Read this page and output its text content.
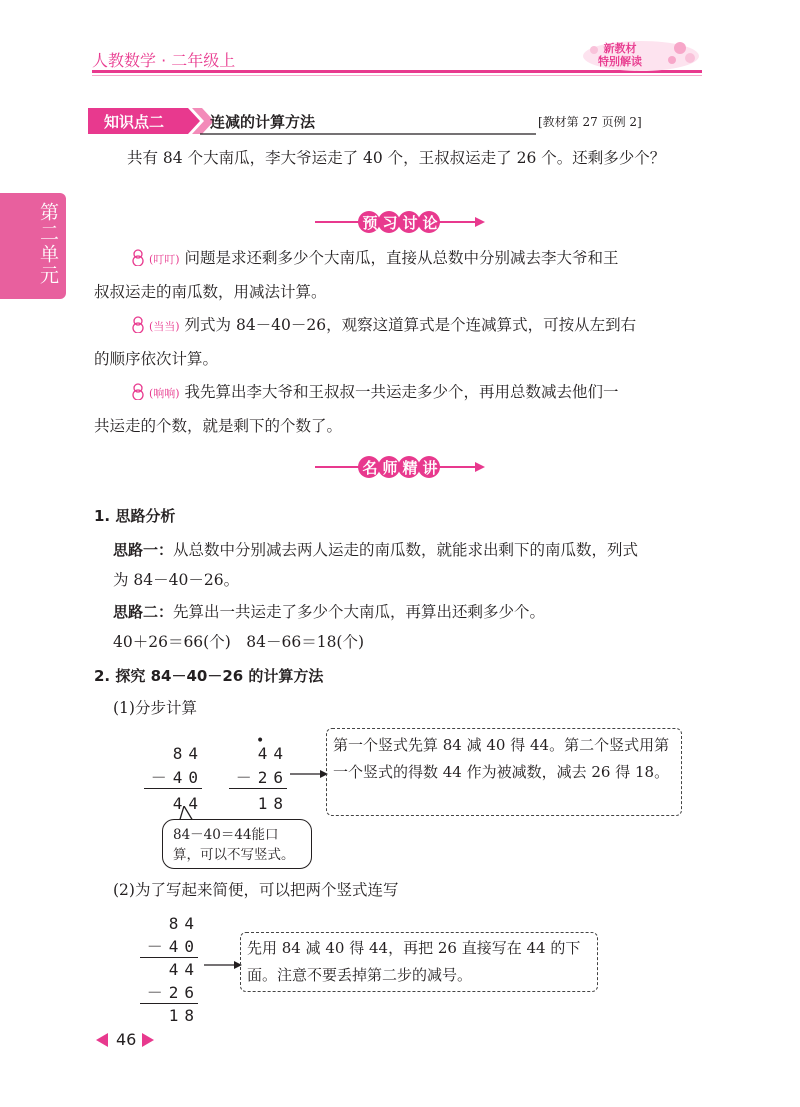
人教数学 · 二年级上
新教材
特别解读
第二单元
知识点二	连减的计算方法	[教材第 27 页例 2]
共有 84 个大南瓜，李大爷运走了 40 个，王叔叔运走了 26 个。还剩多少个？
预 习 讨 论
(叮叮) 问题是求还剩多少个大南瓜，直接从总数中分别减去李大爷和王
叔叔运走的南瓜数，用减法计算。
(当当) 列式为 84－40－26，观察这道算式是个连减算式，可按从左到右
的顺序依次计算。
(响响) 我先算出李大爷和王叔叔一共运走多少个，再用总数减去他们一
共运走的个数，就是剩下的个数了。
名 师 精 讲
1. 思路分析
思路一：从总数中分别减去两人运走的南瓜数，就能求出剩下的南瓜数，列式
为 84－40－26。
思路二：先算出一共运走了多少个大南瓜，再算出还剩多少个。
40＋26＝66(个)　84－66＝18(个)
2. 探究 84－40－26 的计算方法
(1)分步计算
84
－40
44
•
44
－26
18
第一个竖式先算 84 减 40 得 44。第二个竖式用第一个竖式的得数 44 作为被减数，减去 26 得 18。
84－40＝44能口算，可以不写竖式。
(2)为了写起来简便，可以把两个竖式连写
84
－40
44
－26
18
先用 84 减 40 得 44，再把 26 直接写在 44 的下面。注意不要丢掉第二步的减号。
46
